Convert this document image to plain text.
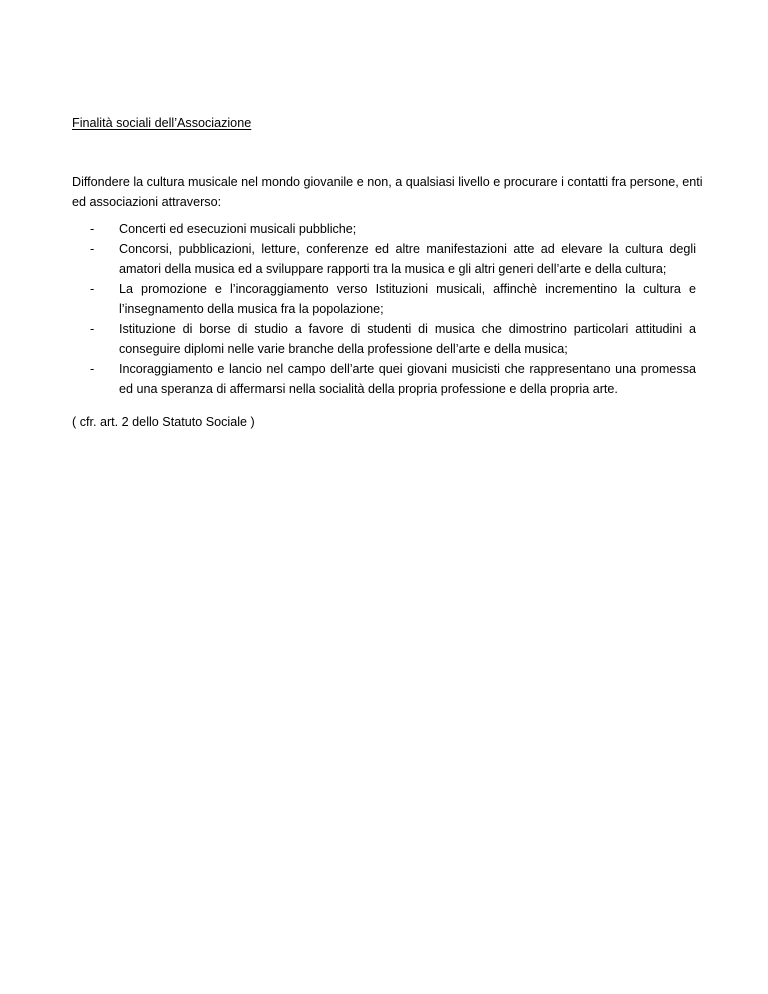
Finalità sociali dell’Associazione
Diffondere la cultura musicale nel mondo giovanile e non, a qualsiasi livello e procurare i contatti fra persone, enti ed associazioni attraverso:
- Concerti ed esecuzioni musicali pubbliche;
- Concorsi, pubblicazioni, letture, conferenze ed altre manifestazioni atte ad elevare la cultura degli amatori della musica ed a sviluppare rapporti tra la musica e gli altri generi dell’arte e della cultura;
- La promozione e l’incoraggiamento verso Istituzioni musicali, affinchè incrementino la cultura e l’insegnamento della musica fra la popolazione;
- Istituzione di borse di studio a favore di studenti di musica che dimostrino particolari attitudini a conseguire diplomi nelle varie branche della professione dell’arte e della musica;
- Incoraggiamento e lancio nel campo dell’arte quei giovani musicisti che rappresentano una promessa ed una speranza di affermarsi nella socialità della propria professione e della propria arte.
( cfr. art. 2 dello Statuto Sociale )
